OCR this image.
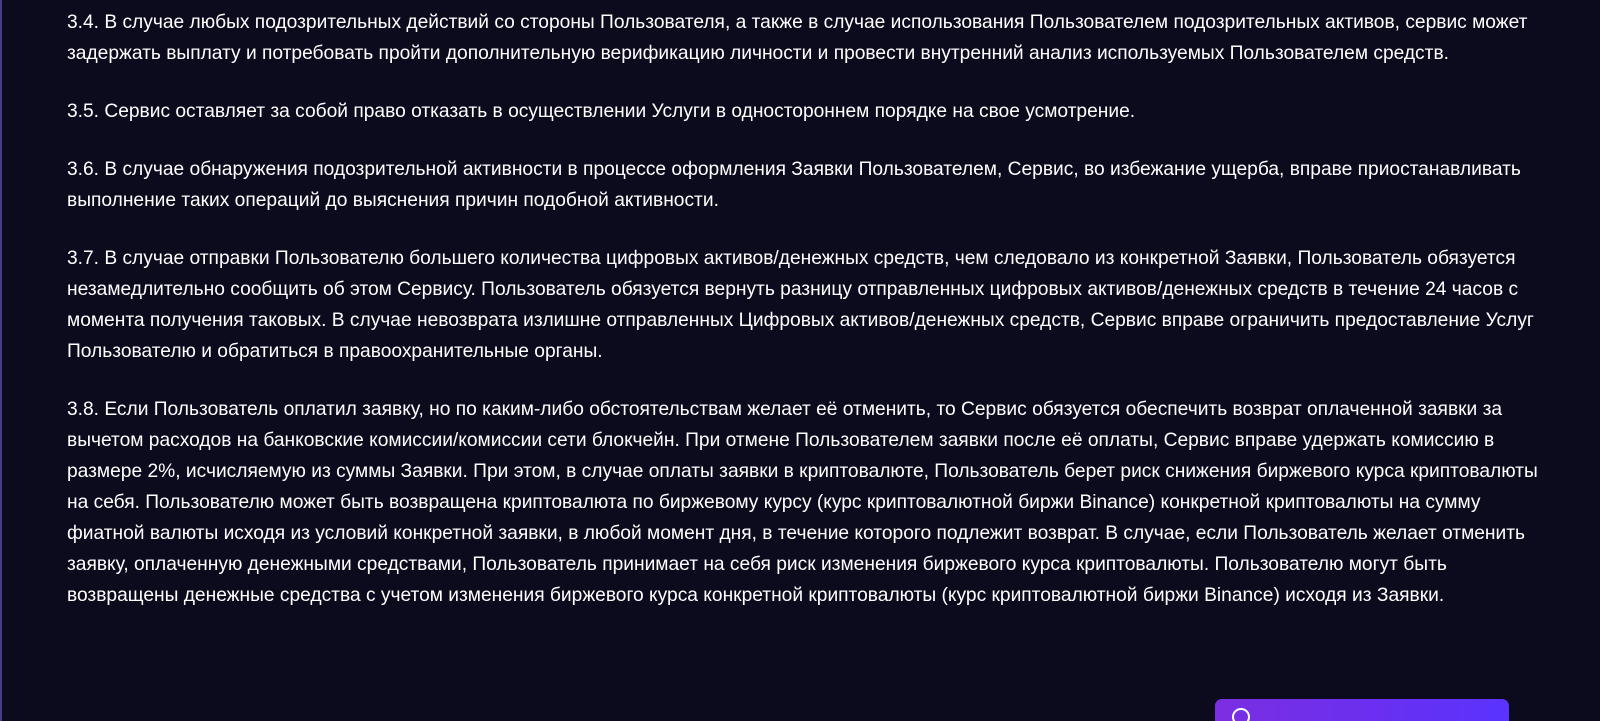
3.4. В случае любых подозрительных действий со стороны Пользователя, а также в случае использования Пользователем подозрительных активов, сервис может задержать выплату и потребовать пройти дополнительную верификацию личности и провести внутренний анализ используемых Пользователем средств.

3.5. Сервис оставляет за собой право отказать в осуществлении Услуги в одностороннем порядке на свое усмотрение.

3.6. В случае обнаружения подозрительной активности в процессе оформления Заявки Пользователем, Сервис, во избежание ущерба, вправе приостанавливать выполнение таких операций до выяснения причин подобной активности.

3.7. В случае отправки Пользователю большего количества цифровых активов/денежных средств, чем следовало из конкретной Заявки, Пользователь обязуется незамедлительно сообщить об этом Сервису. Пользователь обязуется вернуть разницу отправленных цифровых активов/денежных средств в течение 24 часов с момента получения таковых. В случае невозврата излишне отправленных Цифровых активов/денежных средств, Сервис вправе ограничить предоставление Услуг Пользователю и обратиться в правоохранительные органы.

3.8. Если Пользователь оплатил заявку, но по каким-либо обстоятельствам желает её отменить, то Сервис обязуется обеспечить возврат оплаченной заявки за вычетом расходов на банковские комиссии/комиссии сети блокчейн. При отмене Пользователем заявки после её оплаты, Сервис вправе удержать комиссию в размере 2%, исчисляемую из суммы Заявки. При этом, в случае оплаты заявки в криптовалюте, Пользователь берет риск снижения биржевого курса криптовалюты на себя. Пользователю может быть возвращена криптовалюта по биржевому курсу (курс криптовалютной биржи Binance) конкретной криптовалюты на сумму фиатной валюты исходя из условий конкретной заявки, в любой момент дня, в течение которого подлежит возврат. В случае, если Пользователь желает отменить заявку, оплаченную денежными средствами, Пользователь принимает на себя риск изменения биржевого курса криптовалюты. Пользователю могут быть возвращены денежные средства с учетом изменения биржевого курса конкретной криптовалюты (курс криптовалютной биржи Binance) исходя из Заявки.
